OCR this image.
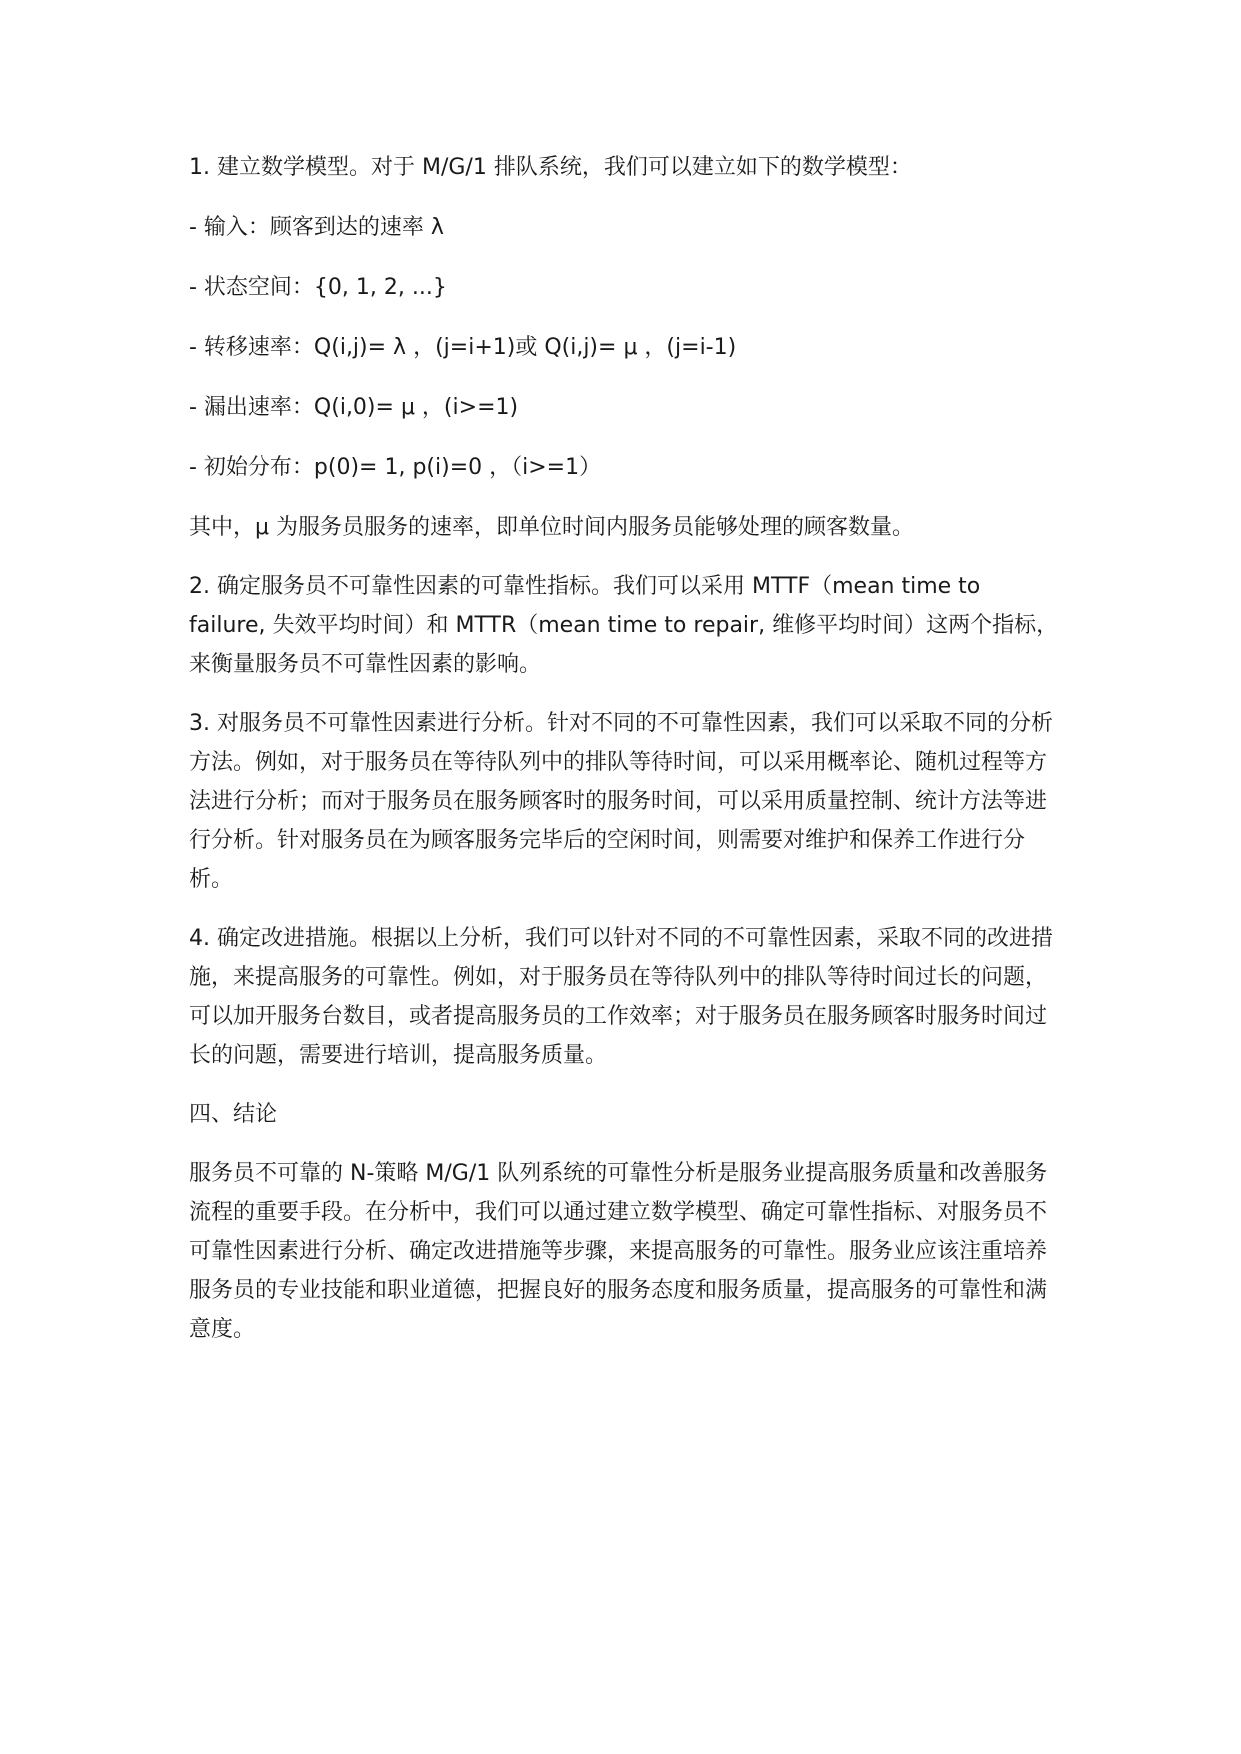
1. 建立数学模型。对于 M/G/1 排队系统，我们可以建立如下的数学模型：

- 输入：顾客到达的速率 λ

- 状态空间：{0, 1, 2, ...}

- 转移速率：Q(i,j)= λ ，(j=i+1)或 Q(i,j)= μ ，(j=i-1)

- 漏出速率：Q(i,0)= μ ，(i>=1)

- 初始分布：p(0)= 1, p(i)=0 ，（i>=1）

其中，μ 为服务员服务的速率，即单位时间内服务员能够处理的顾客数量。

2. 确定服务员不可靠性因素的可靠性指标。我们可以采用 MTTF（mean time to failure, 失效平均时间）和 MTTR（mean time to repair, 维修平均时间）这两个指标，来衡量服务员不可靠性因素的影响。

3. 对服务员不可靠性因素进行分析。针对不同的不可靠性因素，我们可以采取不同的分析方法。例如，对于服务员在等待队列中的排队等待时间，可以采用概率论、随机过程等方法进行分析；而对于服务员在服务顾客时的服务时间，可以采用质量控制、统计方法等进行分析。针对服务员在为顾客服务完毕后的空闲时间，则需要对维护和保养工作进行分析。

4. 确定改进措施。根据以上分析，我们可以针对不同的不可靠性因素，采取不同的改进措施，来提高服务的可靠性。例如，对于服务员在等待队列中的排队等待时间过长的问题，可以加开服务台数目，或者提高服务员的工作效率；对于服务员在服务顾客时服务时间过长的问题，需要进行培训，提高服务质量。

四、结论

服务员不可靠的 N-策略 M/G/1 队列系统的可靠性分析是服务业提高服务质量和改善服务流程的重要手段。在分析中，我们可以通过建立数学模型、确定可靠性指标、对服务员不可靠性因素进行分析、确定改进措施等步骤，来提高服务的可靠性。服务业应该注重培养服务员的专业技能和职业道德，把握良好的服务态度和服务质量，提高服务的可靠性和满意度。
